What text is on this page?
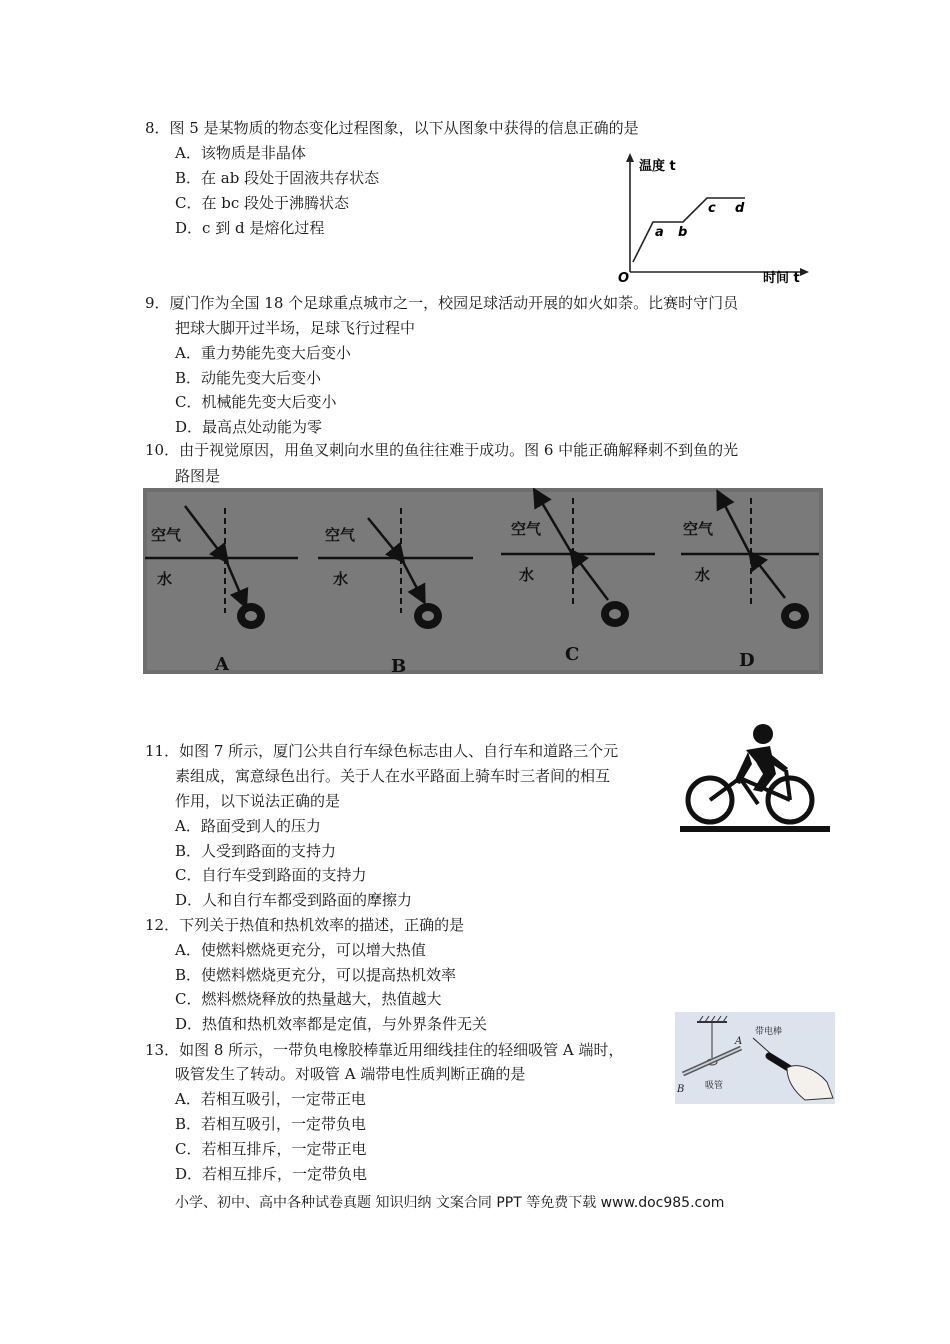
8．图 5 是某物质的物态变化过程图象，以下从图象中获得的信息正确的是
A．该物质是非晶体
B．在 ab 段处于固液共存状态
C．在 bc 段处于沸腾状态
D．c 到 d 是熔化过程
温度 t
O	时间 t
a b
c d
9．厦门作为全国 18 个足球重点城市之一，校园足球活动开展的如火如荼。比赛时守门员
把球大脚开过半场，足球飞行过程中
A．重力势能先变大后变小
B．动能先变大后变小
C．机械能先变大后变小
D．最高点处动能为零
10．由于视觉原因，用鱼叉刺向水里的鱼往往难于成功。图 6 中能正确解释刺不到鱼的光
路图是
空气
水
A
空气
水
B
空气
水
C
空气
水
D
11．如图 7 所示，厦门公共自行车绿色标志由人、自行车和道路三个元
素组成，寓意绿色出行。关于人在水平路面上骑车时三者间的相互
作用，以下说法正确的是
A．路面受到人的压力
B．人受到路面的支持力
C．自行车受到路面的支持力
D．人和自行车都受到路面的摩擦力
12．下列关于热值和热机效率的描述，正确的是
A．使燃料燃烧更充分，可以增大热值
B．使燃料燃烧更充分，可以提高热机效率
C．燃料燃烧释放的热量越大，热值越大
D．热值和热机效率都是定值，与外界条件无关
13．如图 8 所示，一带负电橡胶棒靠近用细线挂住的轻细吸管 A 端时，
吸管发生了转动。对吸管 A 端带电性质判断正确的是
A．若相互吸引，一定带正电
B．若相互吸引，一定带负电
C．若相互排斥，一定带正电
D．若相互排斥，一定带负电
B
A
吸管
带电棒
小学、初中、高中各种试卷真题 知识归纳 文案合同 PPT 等免费下载 www.doc985.com
